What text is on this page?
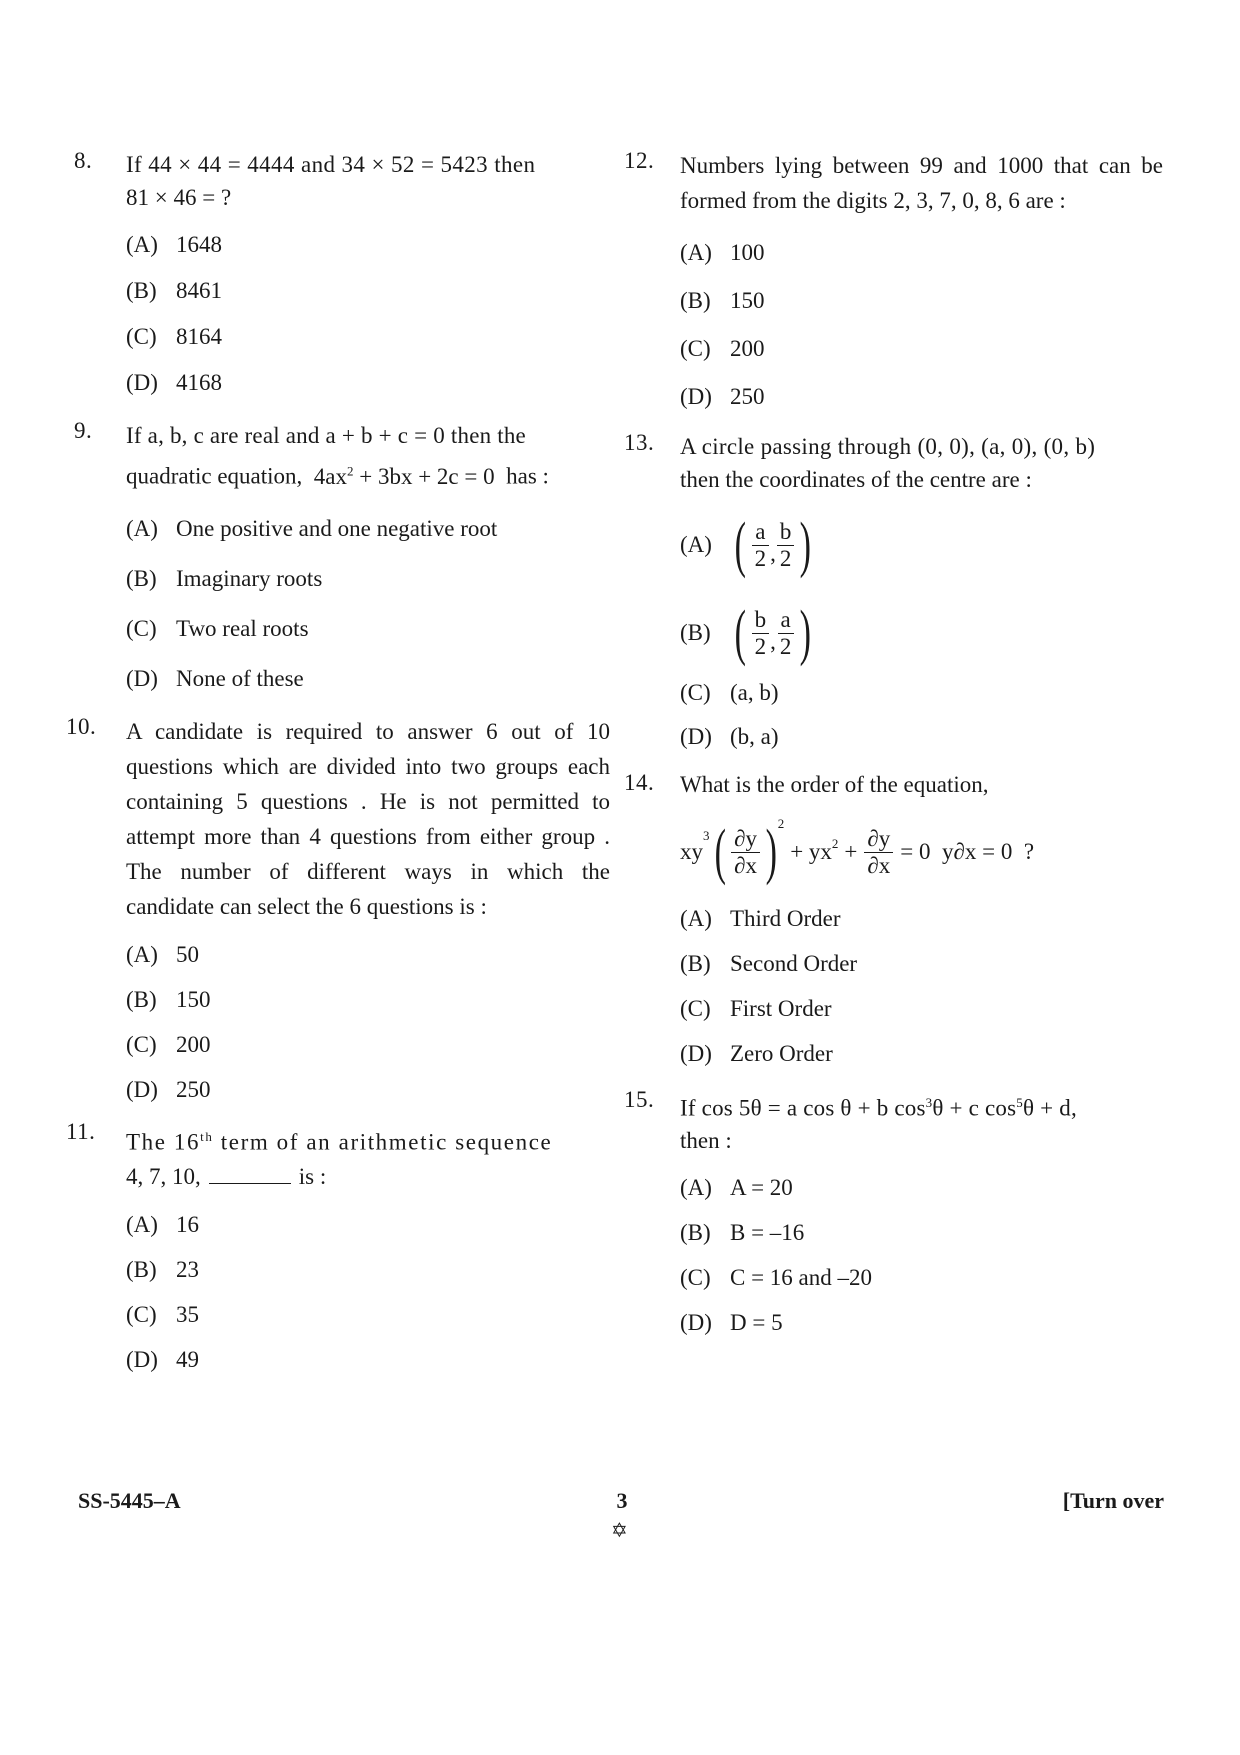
8.	If 44 × 44 = 4444 and 34 × 52 = 5423 then
81 × 46 = ?
(A) 1648
(B) 8461
(C) 8164
(D) 4168
9.	If a, b, c are real and a + b + c = 0 then the
quadratic equation, $4ax^2 + 3bx + 2c = 0$ has :
(A) One positive and one negative root
(B) Imaginary roots
(C) Two real roots
(D) None of these
10.	A candidate is required to answer 6 out of 10 questions which are divided into two groups each containing 5 questions . He is not permitted to attempt more than 4 questions from either group . The number of different ways in which the candidate can select the 6 questions is :
(A) 50
(B) 150
(C) 200
(D) 250
11.	The 16th term of an arithmetic sequence
4, 7, 10,	is :
(A) 16
(B) 23
(C) 35
(D) 49
12.	Numbers lying between 99 and 1000 that can be formed from the digits 2, 3, 7, 0, 8, 6 are :
(A) 100
(B) 150
(C) 200
(D) 250
13.	A circle passing through (0, 0), (a, 0), (0, b)
then the coordinates of the centre are :
(A) ( $\frac{a}{2}$ , $\frac{b}{2}$ )
(B) ( $\frac{b}{2}$ , $\frac{a}{2}$ )
(C) (a, b)
(D) (b, a)
14.	What is the order of the equation,
xy
$^3$ ( $\frac{\partial y}{\partial x} )^2$
+ $yx^2 + \frac{\partial y}{\partial x} = 0$  y∂x = 0  ?
(A) Third Order
(B) Second Order
(C) First Order
(D) Zero Order
15.	If cos 5θ = a cos θ + b $\cos^3\theta + c$ $\cos^5\theta + d$,
then :
(A) A = 20
(B) B = –16
(C) C = 16 and –20
(D) D = 5
SS-5445–A	3
✡
[Turn over
